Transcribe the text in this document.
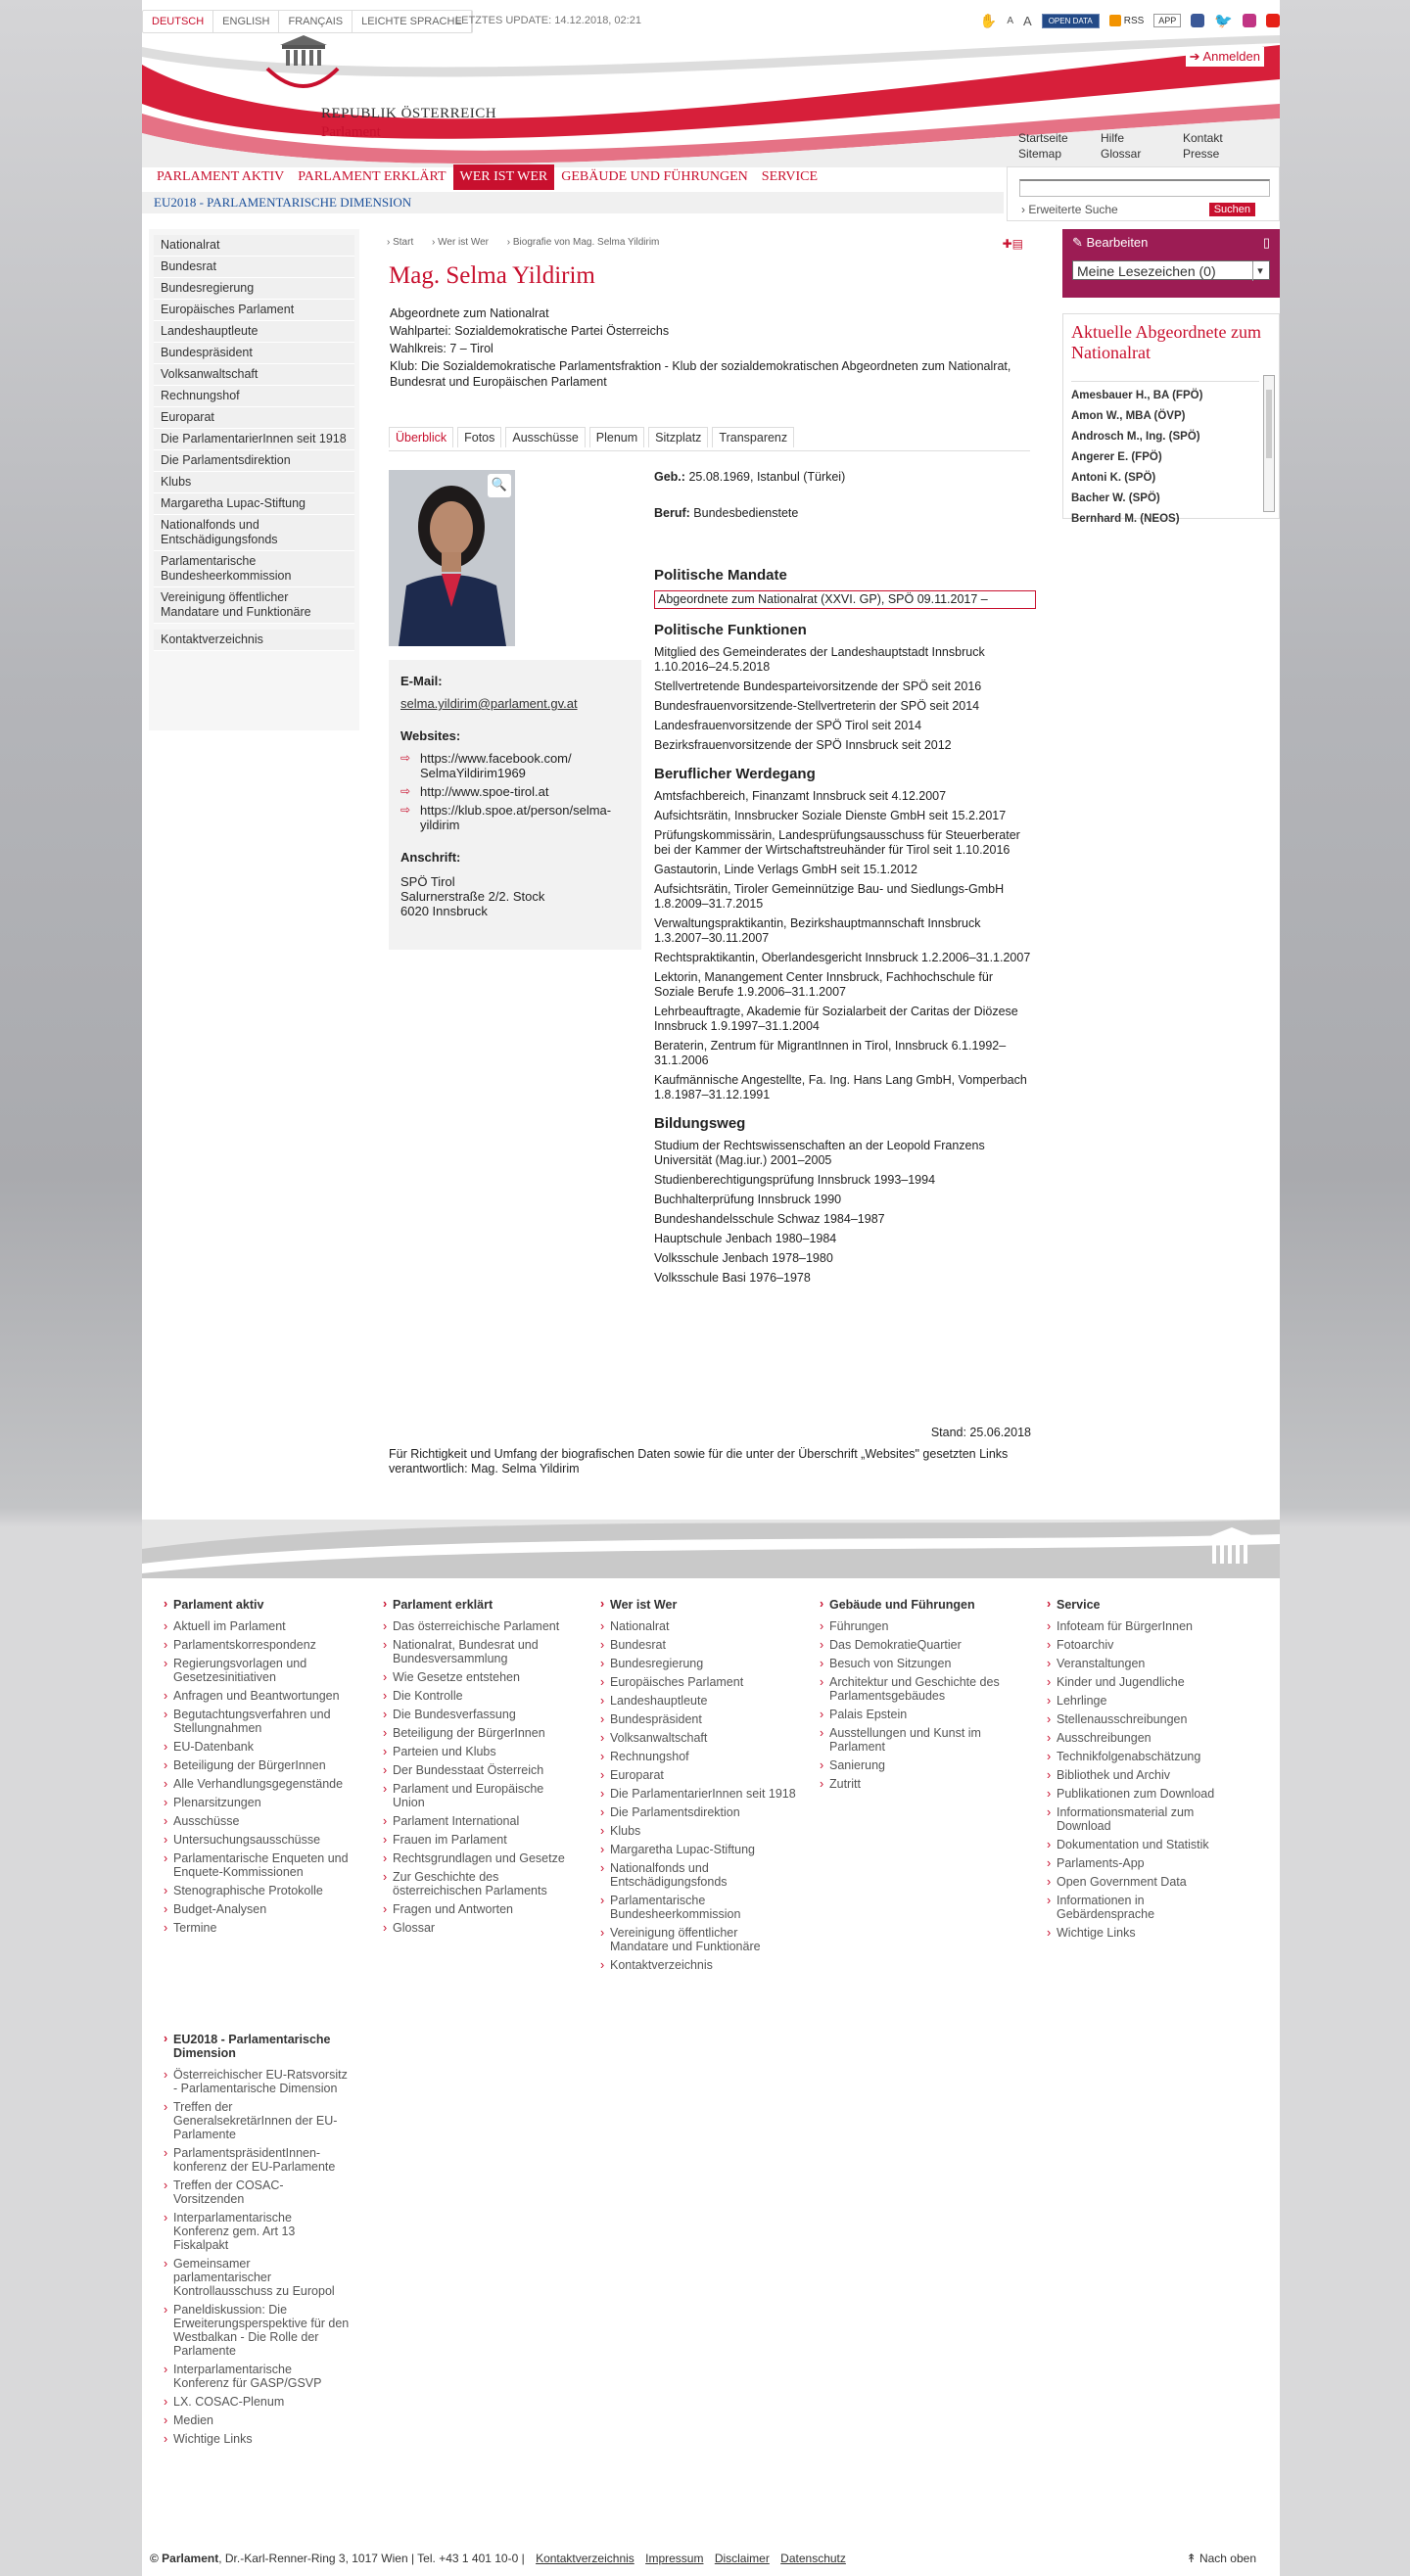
DEUTSCH	ENGLISH	FRANÇAIS	LEICHTE SPRACHE
LETZTES UPDATE: 14.12.2018, 02:21	✋ A A	OPEN DATA	RSS	APP	🐦
REPUBLIK ÖSTERREICH
Parlament
➔ Anmelden
Startseite	Hilfe	Kontakt
Sitemap	Glossar	Presse
PARLAMENT AKTIV	PARLAMENT ERKLÄRT	WER IST WER	GEBÄUDE UND FÜHRUNGEN	SERVICE
EU2018 - PARLAMENTARISCHE DIMENSION	› Erweiterte Suche	Suchen
Nationalrat
Bundesrat
Bundesregierung
Europäisches Parlament
Landeshauptleute
Bundespräsident
Volksanwaltschaft
Rechnungshof
Europarat
Die ParlamentarierInnen seit 1918
Die Parlamentsdirektion
Klubs
Margaretha Lupac-Stiftung
Nationalfonds und Entschädigungsfonds
Parlamentarische Bundesheerkommission
Vereinigung öffentlicher Mandatare und Funktionäre
Kontaktverzeichnis
› Start › Wer ist Wer › Biografie von Mag. Selma Yildirim	✚▤
Mag. Selma Yildirim
Abgeordnete zum Nationalrat
Wahlpartei: Sozialdemokratische Partei Österreichs
Wahlkreis: 7 – Tirol
Klub: Die Sozialdemokratische Parlamentsfraktion - Klub der sozialdemokratischen Abgeordneten zum Nationalrat, Bundesrat und Europäischen Parlament
Überblick	Fotos	Ausschüsse	Plenum	Sitzplatz	Transparenz
🔍
E-Mail:
selma.yildirim@parlament.gv.at
Websites:
⇨ https://www.facebook.com/ SelmaYildirim1969
⇨ http://www.spoe-tirol.at
⇨ https://klub.spoe.at/person/selma-yildirim
Anschrift:
SPÖ Tirol
Salurnerstraße 2/2. Stock
6020 Innsbruck
Geb.: 25.08.1969, Istanbul (Türkei)
Beruf: Bundesbedienstete
Politische Mandate
Abgeordnete zum Nationalrat (XXVI. GP), SPÖ 09.11.2017 –
Politische Funktionen
Mitglied des Gemeinderates der Landeshauptstadt Innsbruck 1.10.2016–24.5.2018
Stellvertretende Bundesparteivorsitzende der SPÖ seit 2016
Bundesfrauenvorsitzende-Stellvertreterin der SPÖ seit 2014
Landesfrauenvorsitzende der SPÖ Tirol seit 2014
Bezirksfrauenvorsitzende der SPÖ Innsbruck seit 2012
Beruflicher Werdegang
Amtsfachbereich, Finanzamt Innsbruck seit 4.12.2007
Aufsichtsrätin, Innsbrucker Soziale Dienste GmbH seit 15.2.2017
Prüfungskommissärin, Landesprüfungsausschuss für Steuerberater bei der Kammer der Wirtschaftstreuhänder für Tirol seit 1.10.2016
Gastautorin, Linde Verlags GmbH seit 15.1.2012
Aufsichtsrätin, Tiroler Gemeinnützige Bau- und Siedlungs-GmbH 1.8.2009–31.7.2015
Verwaltungspraktikantin, Bezirkshauptmannschaft Innsbruck 1.3.2007–30.11.2007
Rechtspraktikantin, Oberlandesgericht Innsbruck 1.2.2006–31.1.2007
Lektorin, Manangement Center Innsbruck, Fachhochschule für Soziale Berufe 1.9.2006–31.1.2007
Lehrbeauftragte, Akademie für Sozialarbeit der Caritas der Diözese Innsbruck 1.9.1997–31.1.2004
Beraterin, Zentrum für MigrantInnen in Tirol, Innsbruck 6.1.1992–31.1.2006
Kaufmännische Angestellte, Fa. Ing. Hans Lang GmbH, Vomperbach 1.8.1987–31.12.1991
Bildungsweg
Studium der Rechtswissenschaften an der Leopold Franzens Universität (Mag.iur.) 2001–2005
Studienberechtigungsprüfung Innsbruck 1993–1994
Buchhalterprüfung Innsbruck 1990
Bundeshandelsschule Schwaz 1984–1987
Hauptschule Jenbach 1980–1984
Volksschule Jenbach 1978–1980
Volksschule Basi 1976–1978
Stand: 25.06.2018
Für Richtigkeit und Umfang der biografischen Daten sowie für die unter der Überschrift „Websites" gesetzten Links verantwortlich: Mag. Selma Yildirim
✎ Bearbeiten	▯
Meine Lesezeichen (0) ▾
Aktuelle Abgeordnete zum Nationalrat
Amesbauer H., BA (FPÖ)
Amon W., MBA (ÖVP)
Androsch M., Ing. (SPÖ)
Angerer E. (FPÖ)
Antoni K. (SPÖ)
Bacher W. (SPÖ)
Bernhard M. (NEOS)
› Parlament aktiv
› Aktuell im Parlament
› Parlamentskorrespondenz
› Regierungsvorlagen und Gesetzesinitiativen
› Anfragen und Beantwortungen
› Begutachtungsverfahren und Stellungnahmen
› EU-Datenbank
› Beteiligung der BürgerInnen
› Alle Verhandlungsgegenstände
› Plenarsitzungen
› Ausschüsse
› Untersuchungsausschüsse
› Parlamentarische Enqueten und Enquete-Kommissionen
› Stenographische Protokolle
› Budget-Analysen
› Termine
› Parlament erklärt
› Das österreichische Parlament
› Nationalrat, Bundesrat und Bundesversammlung
› Wie Gesetze entstehen
› Die Kontrolle
› Die Bundesverfassung
› Beteiligung der BürgerInnen
› Parteien und Klubs
› Der Bundesstaat Österreich
› Parlament und Europäische Union
› Parlament International
› Frauen im Parlament
› Rechtsgrundlagen und Gesetze
› Zur Geschichte des österreichischen Parlaments
› Fragen und Antworten
› Glossar
› Wer ist Wer
› Nationalrat
› Bundesrat
› Bundesregierung
› Europäisches Parlament
› Landeshauptleute
› Bundespräsident
› Volksanwaltschaft
› Rechnungshof
› Europarat
› Die ParlamentarierInnen seit 1918
› Die Parlamentsdirektion
› Klubs
› Margaretha Lupac-Stiftung
› Nationalfonds und Entschädigungsfonds
› Parlamentarische Bundesheerkommission
› Vereinigung öffentlicher Mandatare und Funktionäre
› Kontaktverzeichnis
› Gebäude und Führungen
› Führungen
› Das DemokratieQuartier
› Besuch von Sitzungen
› Architektur und Geschichte des Parlamentsgebäudes
› Palais Epstein
› Ausstellungen und Kunst im Parlament
› Sanierung
› Zutritt
› Service
› Infoteam für BürgerInnen
› Fotoarchiv
› Veranstaltungen
› Kinder und Jugendliche
› Lehrlinge
› Stellenausschreibungen
› Ausschreibungen
› Technikfolgenabschätzung
› Bibliothek und Archiv
› Publikationen zum Download
› Informationsmaterial zum Download
› Dokumentation und Statistik
› Parlaments-App
› Open Government Data
› Informationen in Gebärdensprache
› Wichtige Links
› EU2018 - Parlamentarische Dimension
› Österreichischer EU-Ratsvorsitz - Parlamentarische Dimension
› Treffen der GeneralsekretärInnen der EU-Parlamente
› ParlamentspräsidentInnen-konferenz der EU-Parlamente
› Treffen der COSAC-Vorsitzenden
› Interparlamentarische Konferenz gem. Art 13 Fiskalpakt
› Gemeinsamer parlamentarischer Kontrollausschuss zu Europol
› Paneldiskussion: Die Erweiterungsperspektive für den Westbalkan - Die Rolle der Parlamente
› Interparlamentarische Konferenz für GASP/GSVP
› LX. COSAC-Plenum
› Medien
› Wichtige Links
© Parlament, Dr.-Karl-Renner-Ring 3, 1017 Wien | Tel. +43 1 401 10-0 | Kontaktverzeichnis Impressum Disclaimer Datenschutz	↟ Nach oben
